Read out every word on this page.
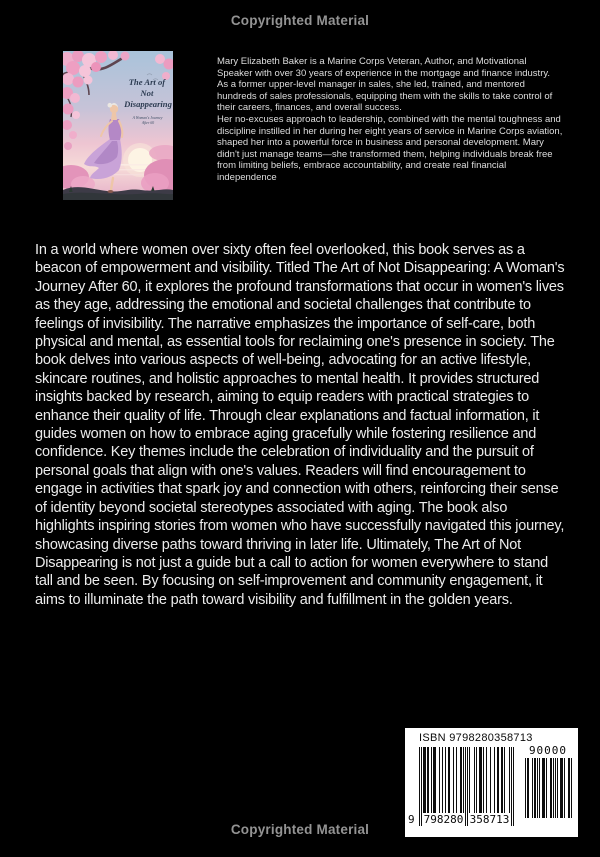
Copyrighted Material
The Art of Not Disappearing
A Woman's Journey After 60

Mary Elizabeth Baker is a Marine Corps Veteran, Author, and Motivational Speaker with over 30 years of experience in the mortgage and finance industry. As a former upper-level manager in sales, she led, trained, and mentored hundreds of sales professionals, equipping them with the skills to take control of their careers, finances, and overall success.

Her no-excuses approach to leadership, combined with the mental toughness and discipline instilled in her during her eight years of service in Marine Corps aviation, shaped her into a powerful force in business and personal development. Mary didn't just manage teams—she transformed them, helping individuals break free from limiting beliefs, embrace accountability, and create real financial independence

In a world where women over sixty often feel overlooked, this book serves as a beacon of empowerment and visibility. Titled The Art of Not Disappearing: A Woman's Journey After 60, it explores the profound transformations that occur in women's lives as they age, addressing the emotional and societal challenges that contribute to feelings of invisibility. The narrative emphasizes the importance of self-care, both physical and mental, as essential tools for reclaiming one's presence in society. The book delves into various aspects of well-being, advocating for an active lifestyle, skincare routines, and holistic approaches to mental health. It provides structured insights backed by research, aiming to equip readers with practical strategies to enhance their quality of life. Through clear explanations and factual information, it guides women on how to embrace aging gracefully while fostering resilience and confidence. Key themes include the celebration of individuality and the pursuit of personal goals that align with one's values. Readers will find encouragement to engage in activities that spark joy and connection with others, reinforcing their sense of identity beyond societal stereotypes associated with aging. The book also highlights inspiring stories from women who have successfully navigated this journey, showcasing diverse paths toward thriving in later life. Ultimately, The Art of Not Disappearing is not just a guide but a call to action for women everywhere to stand tall and be seen. By focusing on self-improvement and community engagement, it aims to illuminate the path toward visibility and fulfillment in the golden years.

ISBN 9798280358713
9 798280 358713
90000
Copyrighted Material
